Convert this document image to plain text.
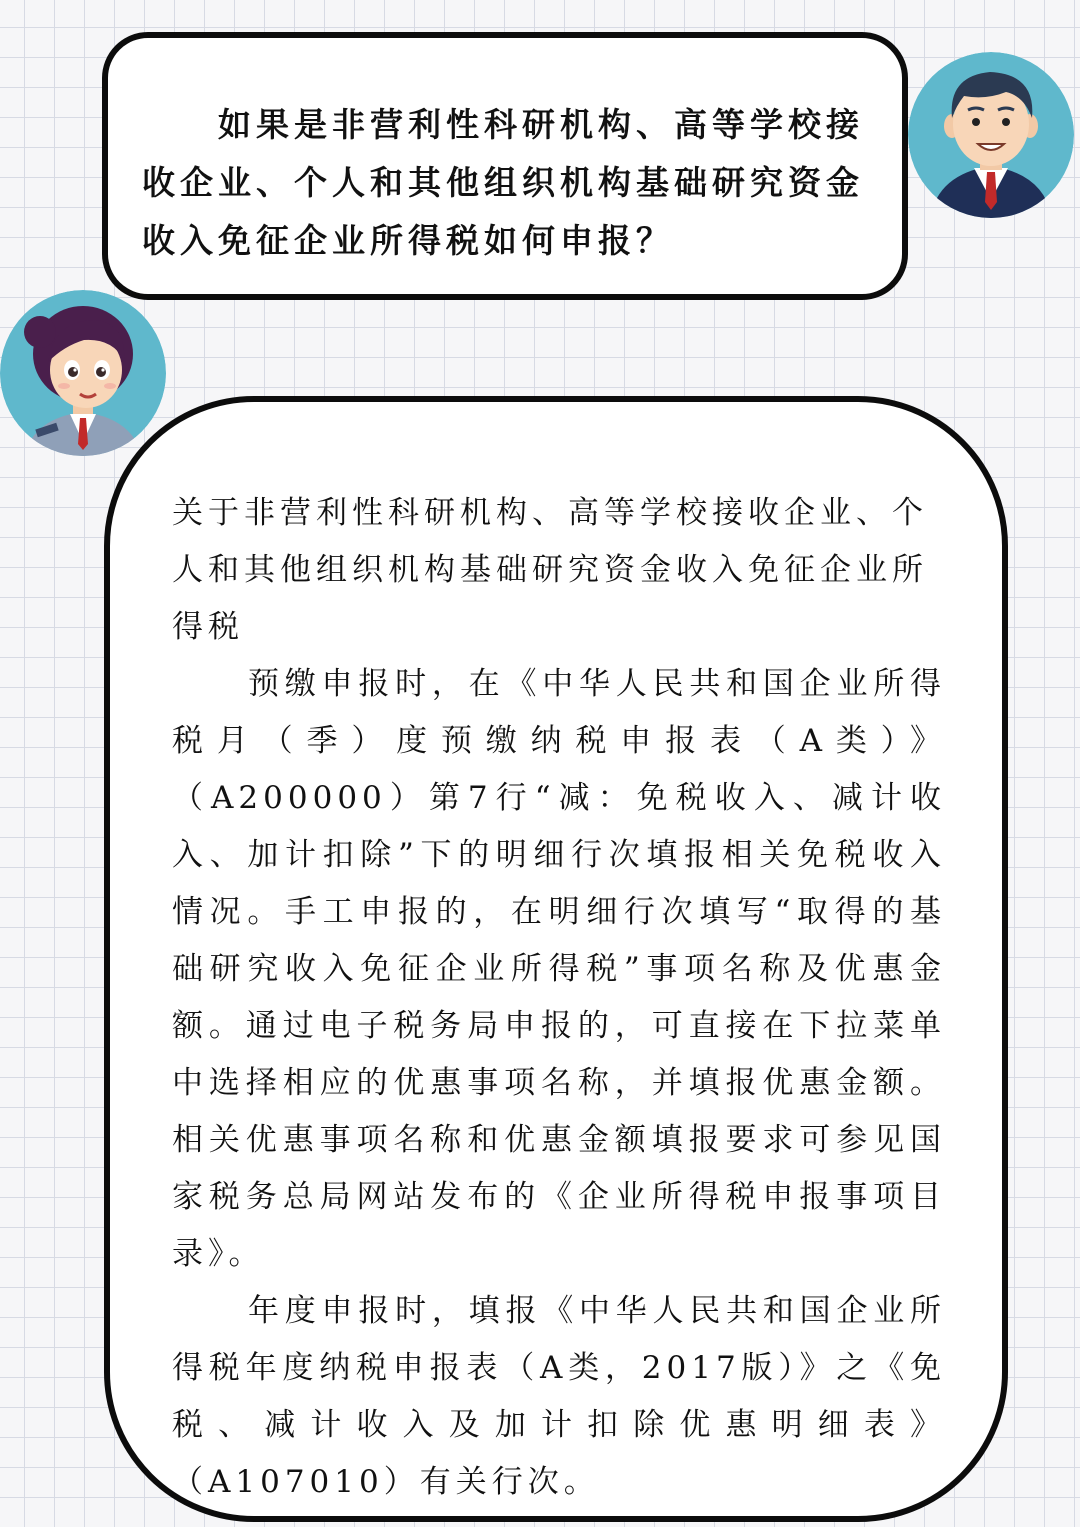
如果是非营利性科研机构、高等学校接收企业、个人和其他组织机构基础研究资金收入免征企业所得税如何申报？

关于非营利性科研机构、高等学校接收企业、个人和其他组织机构基础研究资金收入免征企业所得税

预缴申报时，在《中华人民共和国企业所得税月（季）度预缴纳税申报表（A类）》（A200000）第7行“减：免税收入、减计收入、加计扣除”下的明细行次填报相关免税收入情况。手工申报的，在明细行次填写“取得的基础研究收入免征企业所得税”事项名称及优惠金额。通过电子税务局申报的，可直接在下拉菜单中选择相应的优惠事项名称，并填报优惠金额。相关优惠事项名称和优惠金额填报要求可参见国家税务总局网站发布的《企业所得税申报事项目录》。

年度申报时，填报《中华人民共和国企业所得税年度纳税申报表（A类，2017版）》之《免税、减计收入及加计扣除优惠明细表》（A107010）有关行次。
